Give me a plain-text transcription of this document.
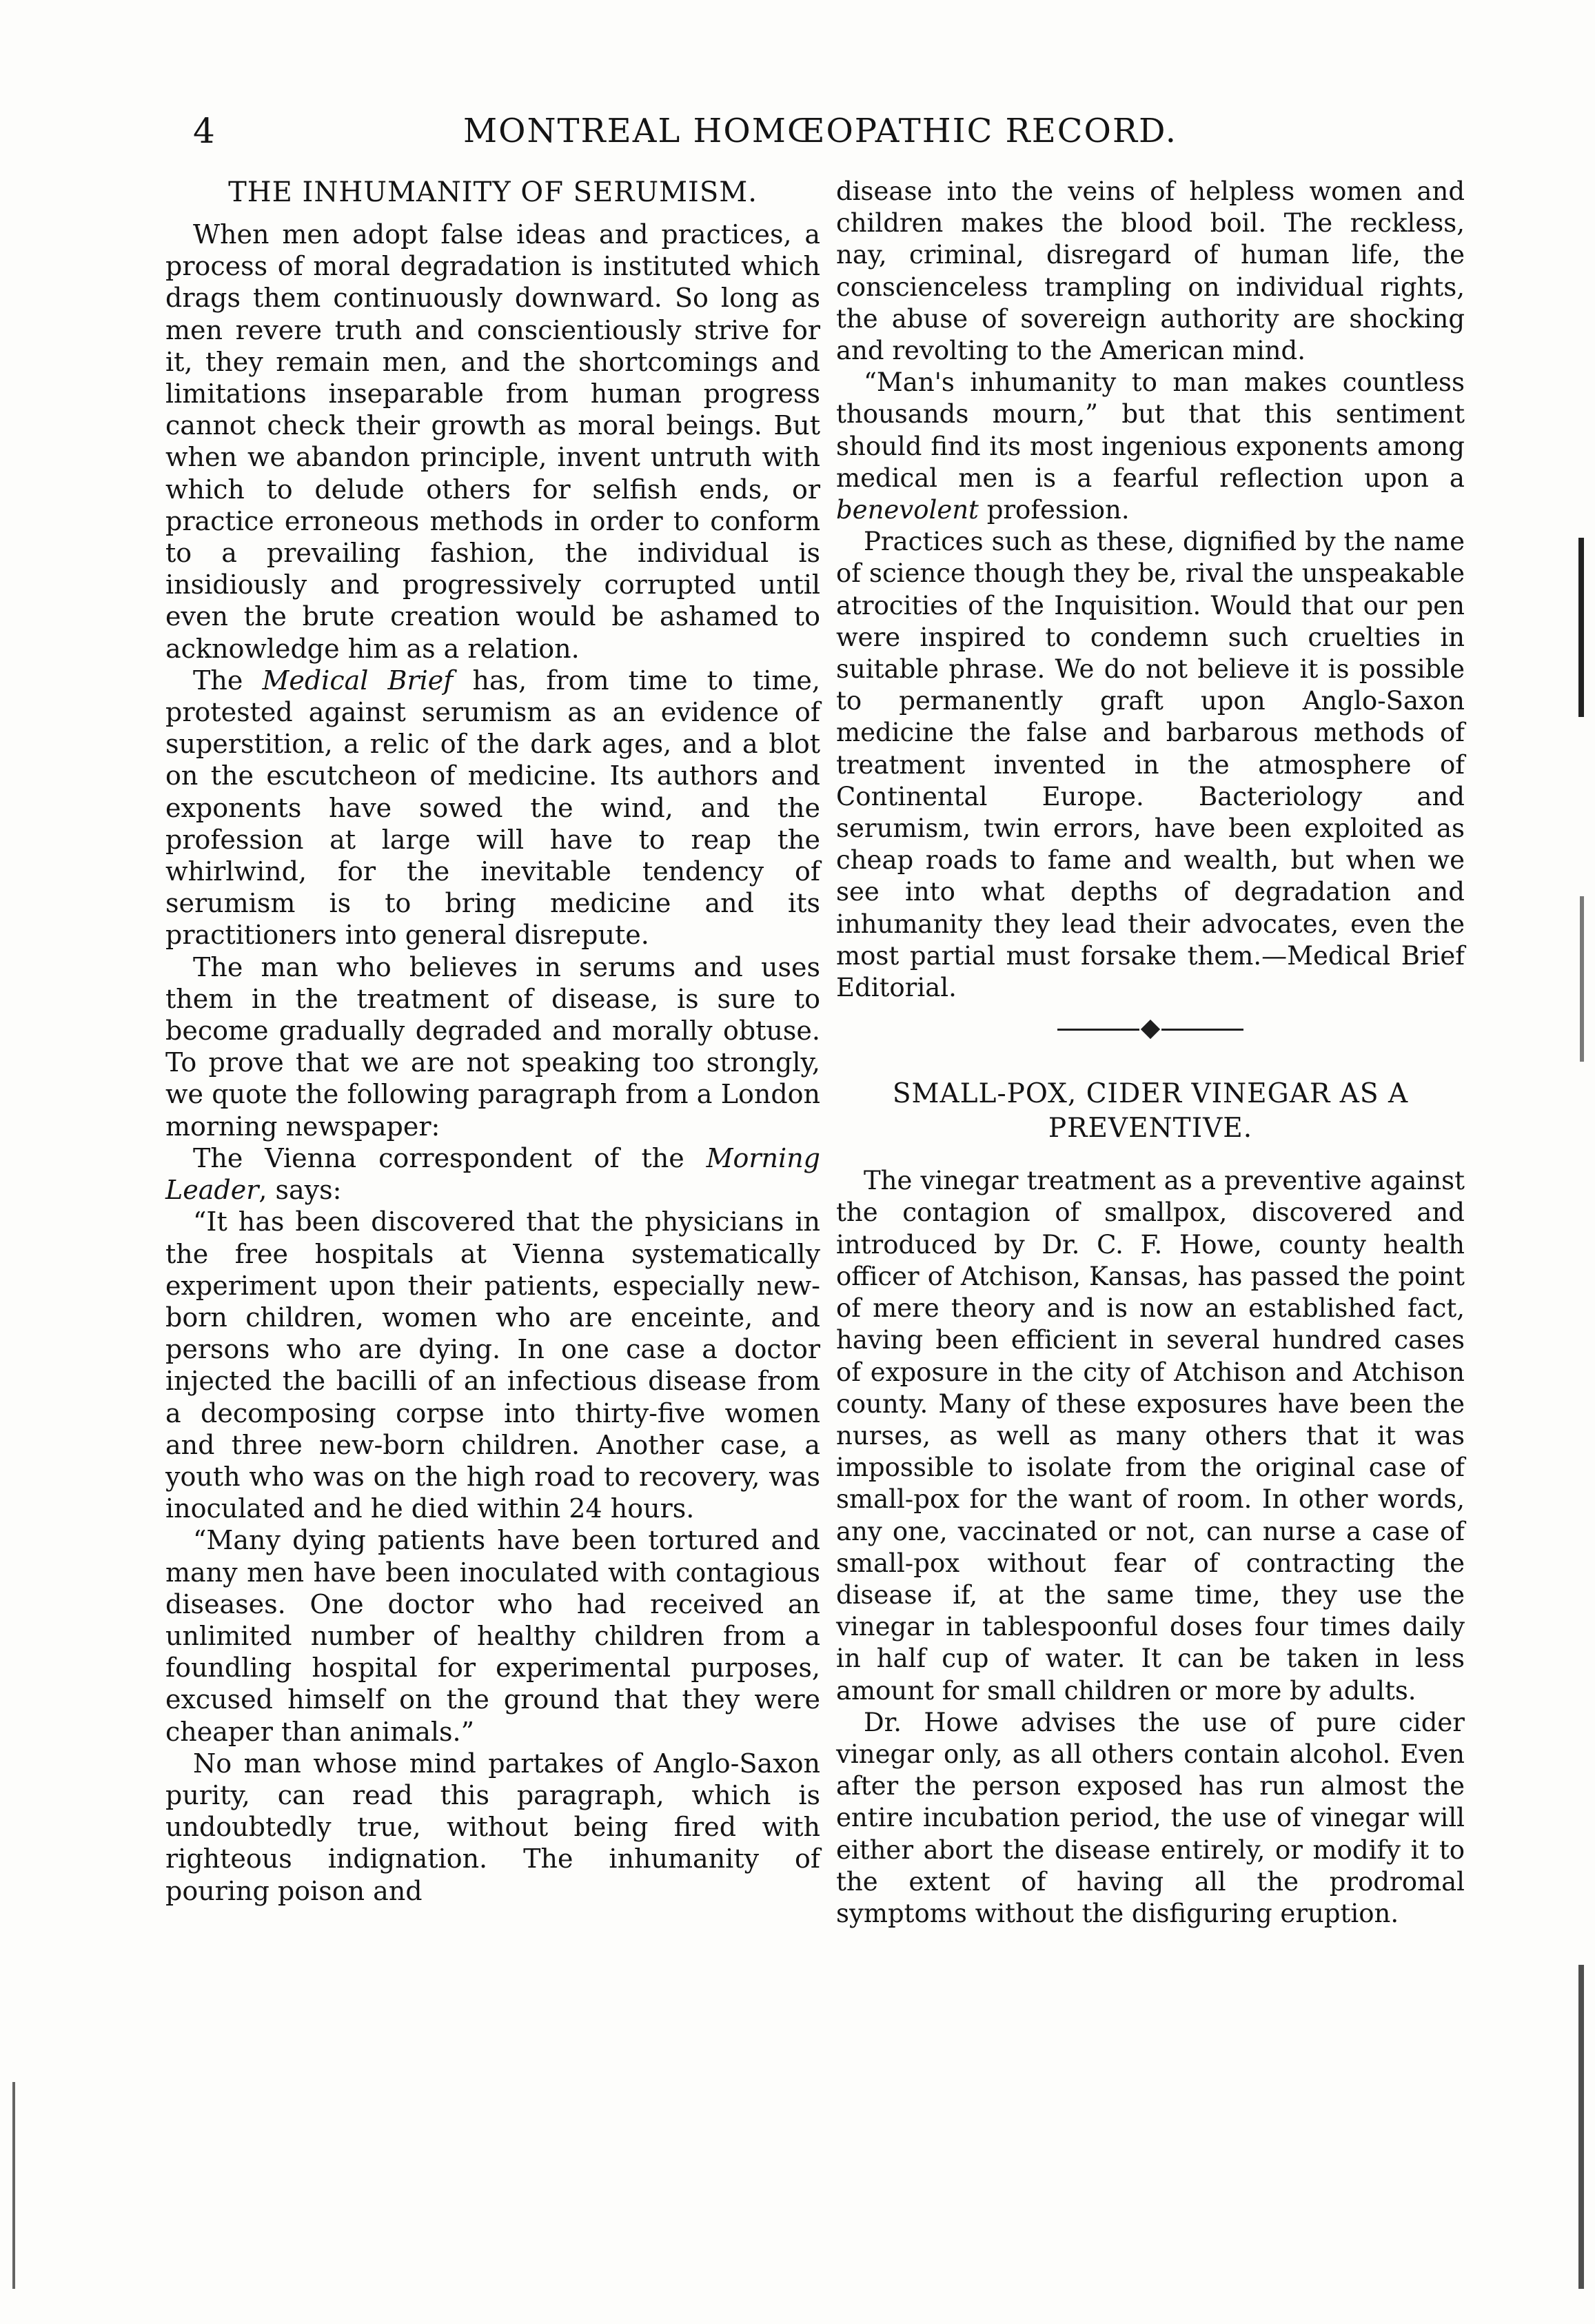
4	MONTREAL HOMŒOPATHIC RECORD.
THE INHUMANITY OF SERUMISM.

When men adopt false ideas and practices, a process of moral degradation is instituted which drags them continuously downward. So long as men revere truth and conscientiously strive for it, they remain men, and the shortcomings and limitations inseparable from human progress cannot check their growth as moral beings. But when we abandon principle, invent untruth with which to delude others for selfish ends, or practice erroneous methods in order to conform to a prevailing fashion, the individual is insidiously and progressively corrupted until even the brute creation would be ashamed to acknowledge him as a relation.

The Medical Brief has, from time to time, protested against serumism as an evidence of superstition, a relic of the dark ages, and a blot on the escutcheon of medicine. Its authors and exponents have sowed the wind, and the profession at large will have to reap the whirlwind, for the inevitable tendency of serumism is to bring medicine and its practitioners into general disrepute.

The man who believes in serums and uses them in the treatment of disease, is sure to become gradually degraded and morally obtuse. To prove that we are not speaking too strongly, we quote the following paragraph from a London morning newspaper:

The Vienna correspondent of the Morning Leader, says:

“It has been discovered that the physicians in the free hospitals at Vienna systematically experiment upon their patients, especially new-born children, women who are enceinte, and persons who are dying. In one case a doctor injected the bacilli of an infectious disease from a decomposing corpse into thirty-five women and three new-born children. Another case, a youth who was on the high road to recovery, was inoculated and he died within 24 hours.

“Many dying patients have been tortured and many men have been inoculated with contagious diseases. One doctor who had received an unlimited number of healthy children from a foundling hospital for experimental purposes, excused himself on the ground that they were cheaper than animals.”

No man whose mind partakes of Anglo-Saxon purity, can read this paragraph, which is undoubtedly true, without being fired with righteous indignation. The inhumanity of pouring poison and

disease into the veins of helpless women and children makes the blood boil. The reckless, nay, criminal, disregard of human life, the conscienceless trampling on individual rights, the abuse of sovereign authority are shocking and revolting to the American mind.

“Man's inhumanity to man makes countless thousands mourn,” but that this sentiment should find its most ingenious exponents among medical men is a fearful reflection upon a benevolent profession.

Practices such as these, dignified by the name of science though they be, rival the unspeakable atrocities of the Inquisition. Would that our pen were inspired to condemn such cruelties in suitable phrase. We do not believe it is possible to permanently graft upon Anglo-Saxon medicine the false and barbarous methods of treatment invented in the atmosphere of Continental Europe. Bacteriology and serumism, twin errors, have been exploited as cheap roads to fame and wealth, but when we see into what depths of degradation and inhumanity they lead their advocates, even the most partial must forsake them.—Medical Brief Editorial.

SMALL-POX, CIDER VINEGAR AS A PREVENTIVE.

The vinegar treatment as a preventive against the contagion of smallpox, discovered and introduced by Dr. C. F. Howe, county health officer of Atchison, Kansas, has passed the point of mere theory and is now an established fact, having been efficient in several hundred cases of exposure in the city of Atchison and Atchison county. Many of these exposures have been the nurses, as well as many others that it was impossible to isolate from the original case of small-pox for the want of room. In other words, any one, vaccinated or not, can nurse a case of small-pox without fear of contracting the disease if, at the same time, they use the vinegar in tablespoonful doses four times daily in half cup of water. It can be taken in less amount for small children or more by adults.

Dr. Howe advises the use of pure cider vinegar only, as all others contain alcohol. Even after the person exposed has run almost the entire incubation period, the use of vinegar will either abort the disease entirely, or modify it to the extent of having all the prodromal symptoms without the disfiguring eruption.
